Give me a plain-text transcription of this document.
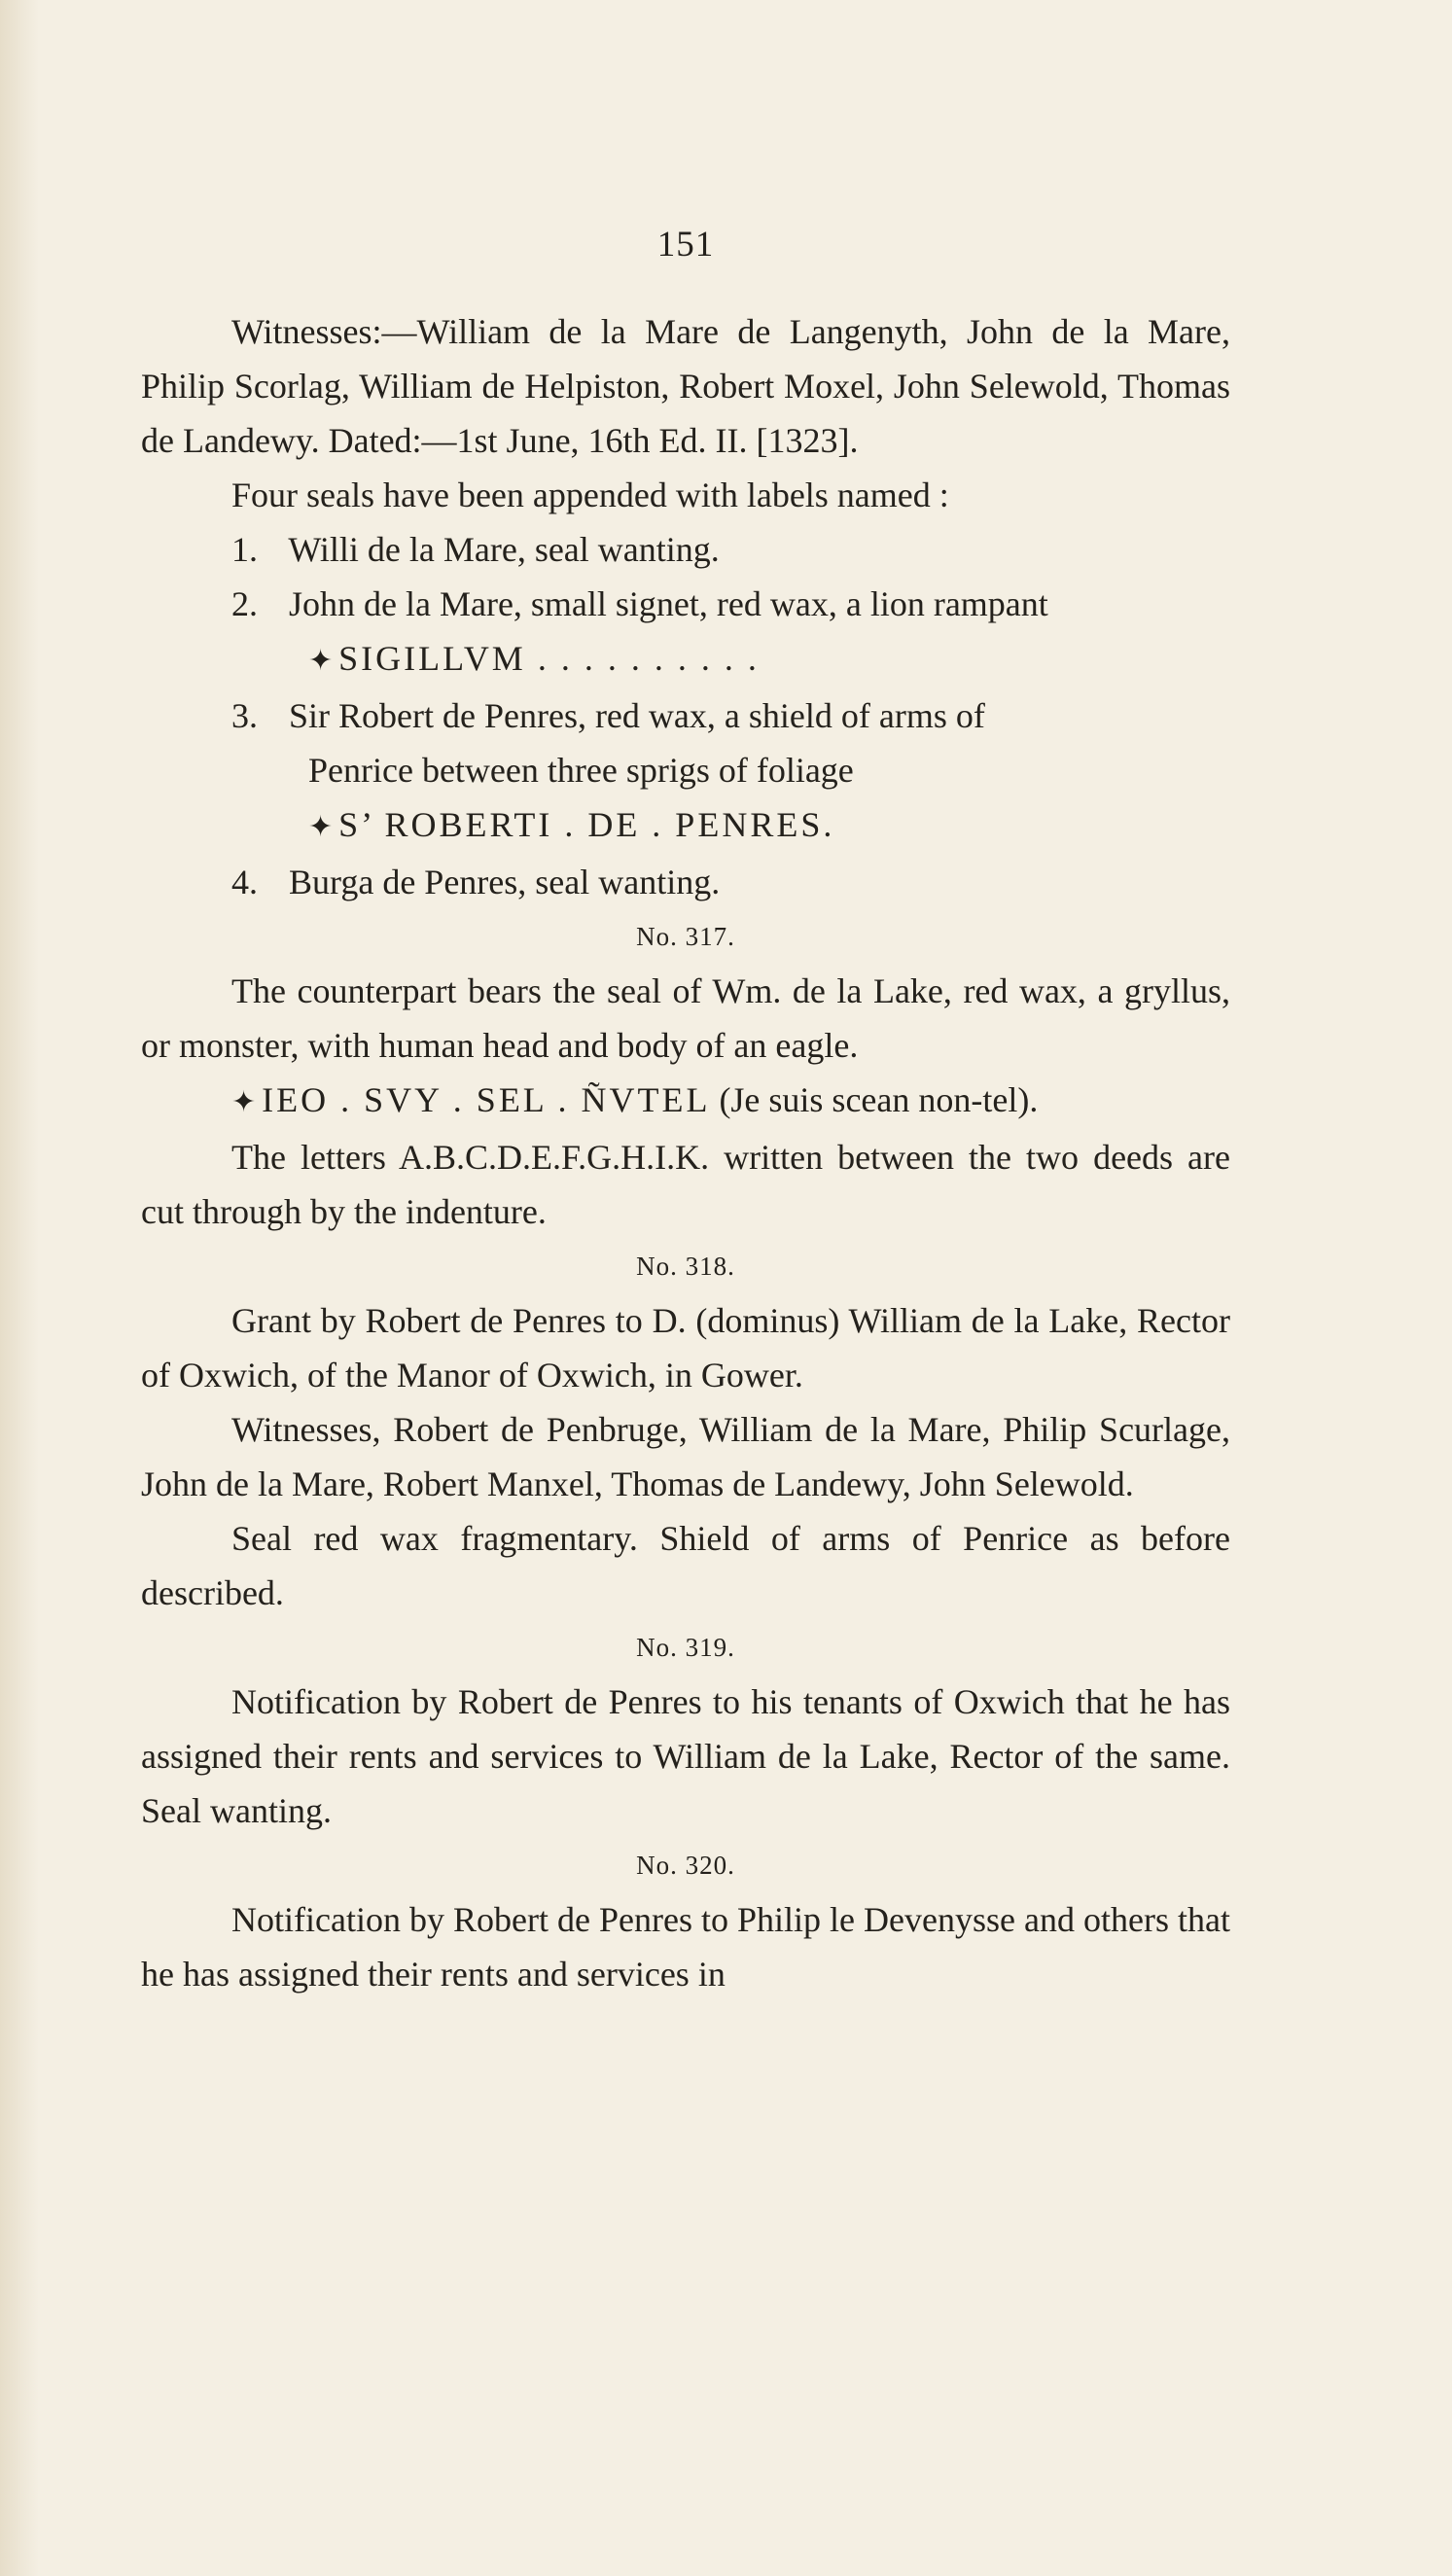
151

Witnesses:—William de la Mare de Langenyth, John de la Mare, Philip Scorlag, William de Helpiston, Robert Moxel, John Selewold, Thomas de Landewy. Dated:—1st June, 16th Ed. II. [1323].

Four seals have been appended with labels named :

1. Willi de la Mare, seal wanting.
2. John de la Mare, small signet, red wax, a lion rampant
✦ SIGILLVM . . . . . . . . . .
3. Sir Robert de Penres, red wax, a shield of arms of
Penrice between three sprigs of foliage
✦ S’ ROBERTI . DE . PENRES.
4. Burga de Penres, seal wanting.
No. 317.

The counterpart bears the seal of Wm. de la Lake, red wax, a gryllus, or monster, with human head and body of an eagle.

✦ IEO . SVY . SEL . ÑVTEL (Je suis scean non-tel).

The letters A.B.C.D.E.F.G.H.I.K. written between the two deeds are cut through by the indenture.

No. 318.

Grant by Robert de Penres to D. (dominus) William de la Lake, Rector of Oxwich, of the Manor of Oxwich, in Gower.

Witnesses, Robert de Penbruge, William de la Mare, Philip Scurlage, John de la Mare, Robert Manxel, Thomas de Landewy, John Selewold.

Seal red wax fragmentary. Shield of arms of Penrice as before described.

No. 319.

Notification by Robert de Penres to his tenants of Oxwich that he has assigned their rents and services to William de la Lake, Rector of the same. Seal wanting.

No. 320.

Notification by Robert de Penres to Philip le Devenysse and others that he has assigned their rents and services in
